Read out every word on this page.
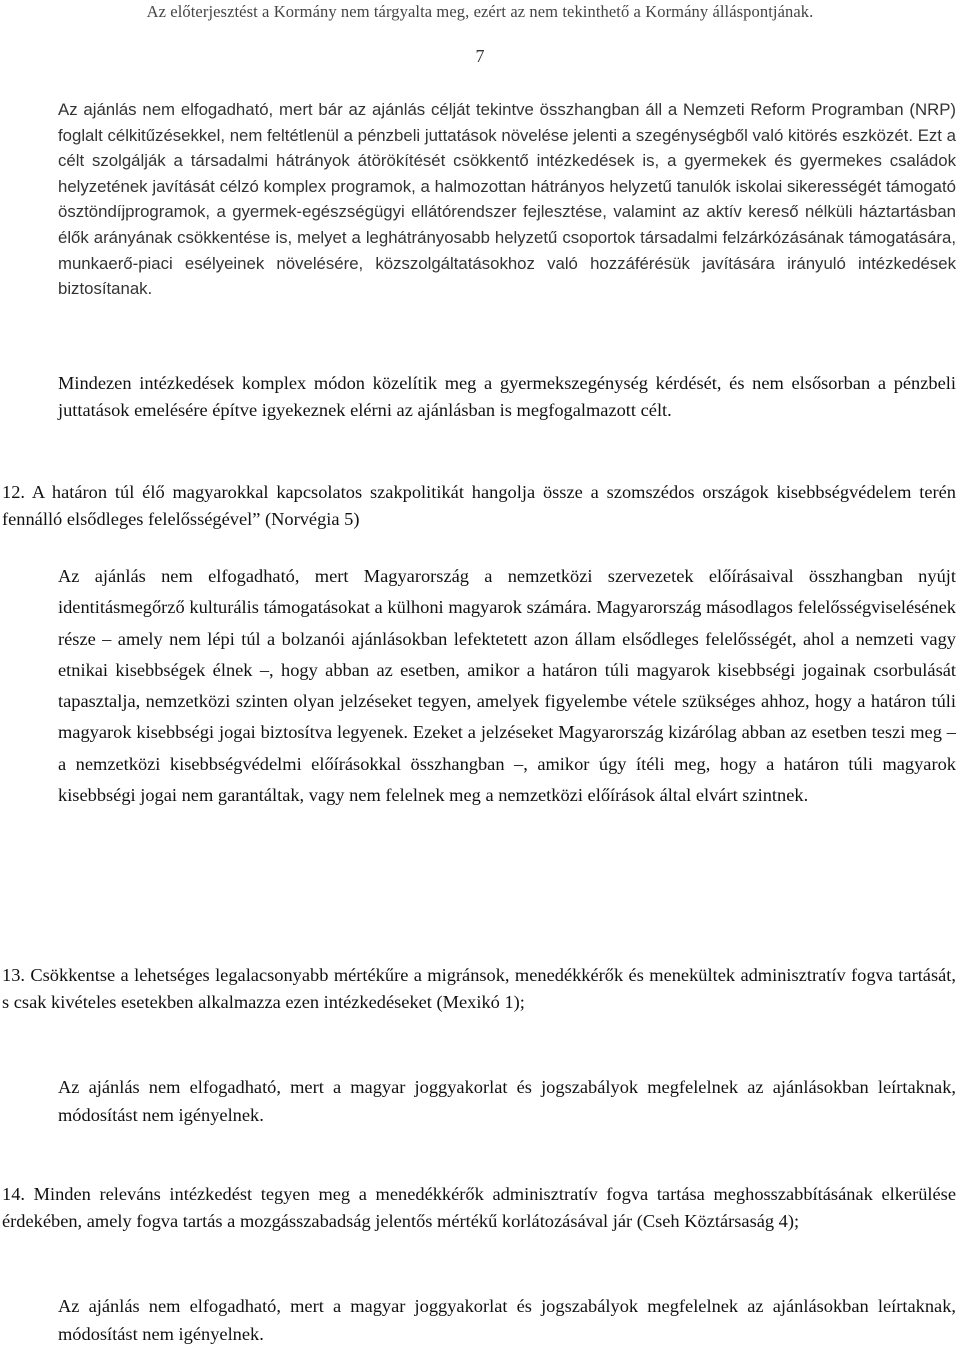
Az előterjesztést a Kormány nem tárgyalta meg, ezért az nem tekinthető a Kormány álláspontjának.
7

Az ajánlás nem elfogadható, mert bár az ajánlás célját tekintve összhangban áll a Nemzeti Reform Programban (NRP) foglalt célkitűzésekkel, nem feltétlenül a pénzbeli juttatások növelése jelenti a szegénységből való kitörés eszközét. Ezt a célt szolgálják a társadalmi hátrányok átörökítését csökkentő intézkedések is, a gyermekek és gyermekes családok helyzetének javítását célzó komplex programok, a halmozottan hátrányos helyzetű tanulók iskolai sikerességét támogató ösztöndíjprogramok, a gyermek-egészségügyi ellátórendszer fejlesztése, valamint az aktív kereső nélküli háztartásban élők arányának csökkentése is, melyet a leghátrányosabb helyzetű csoportok társadalmi felzárkózásának támogatására, munkaerő-piaci esélyeinek növelésére, közszolgáltatásokhoz való hozzáférésük javítására irányuló intézkedések biztosítanak.

Mindezen intézkedések komplex módon közelítik meg a gyermekszegénység kérdését, és nem elsősorban a pénzbeli juttatások emelésére építve igyekeznek elérni az ajánlásban is megfogalmazott célt.

12. A határon túl élő magyarokkal kapcsolatos szakpolitikát hangolja össze a szomszédos országok kisebbségvédelem terén fennálló elsődleges felelősségével” (Norvégia 5)

Az ajánlás nem elfogadható, mert Magyarország a nemzetközi szervezetek előírásaival összhangban nyújt identitásmegőrző kulturális támogatásokat a külhoni magyarok számára. Magyarország másodlagos felelősségviselésének része – amely nem lépi túl a bolzanói ajánlásokban lefektetett azon állam elsődleges felelősségét, ahol a nemzeti vagy etnikai kisebbségek élnek –, hogy abban az esetben, amikor a határon túli magyarok kisebbségi jogainak csorbulását tapasztalja, nemzetközi szinten olyan jelzéseket tegyen, amelyek figyelembe vétele szükséges ahhoz, hogy a határon túli magyarok kisebbségi jogai biztosítva legyenek. Ezeket a jelzéseket Magyarország kizárólag abban az esetben teszi meg – a nemzetközi kisebbségvédelmi előírásokkal összhangban –, amikor úgy ítéli meg, hogy a határon túli magyarok kisebbségi jogai nem garantáltak, vagy nem felelnek meg a nemzetközi előírások által elvárt szintnek.

13. Csökkentse a lehetséges legalacsonyabb mértékűre a migránsok, menedékkérők és menekültek adminisztratív fogva tartását, s csak kivételes esetekben alkalmazza ezen intézkedéseket (Mexikó 1);

Az ajánlás nem elfogadható, mert a magyar joggyakorlat és jogszabályok megfelelnek az ajánlásokban leírtaknak, módosítást nem igényelnek.

14. Minden releváns intézkedést tegyen meg a menedékkérők adminisztratív fogva tartása meghosszabbításának elkerülése érdekében, amely fogva tartás a mozgásszabadság jelentős mértékű korlátozásával jár (Cseh Köztársaság 4);

Az ajánlás nem elfogadható, mert a magyar joggyakorlat és jogszabályok megfelelnek az ajánlásokban leírtaknak, módosítást nem igényelnek.
